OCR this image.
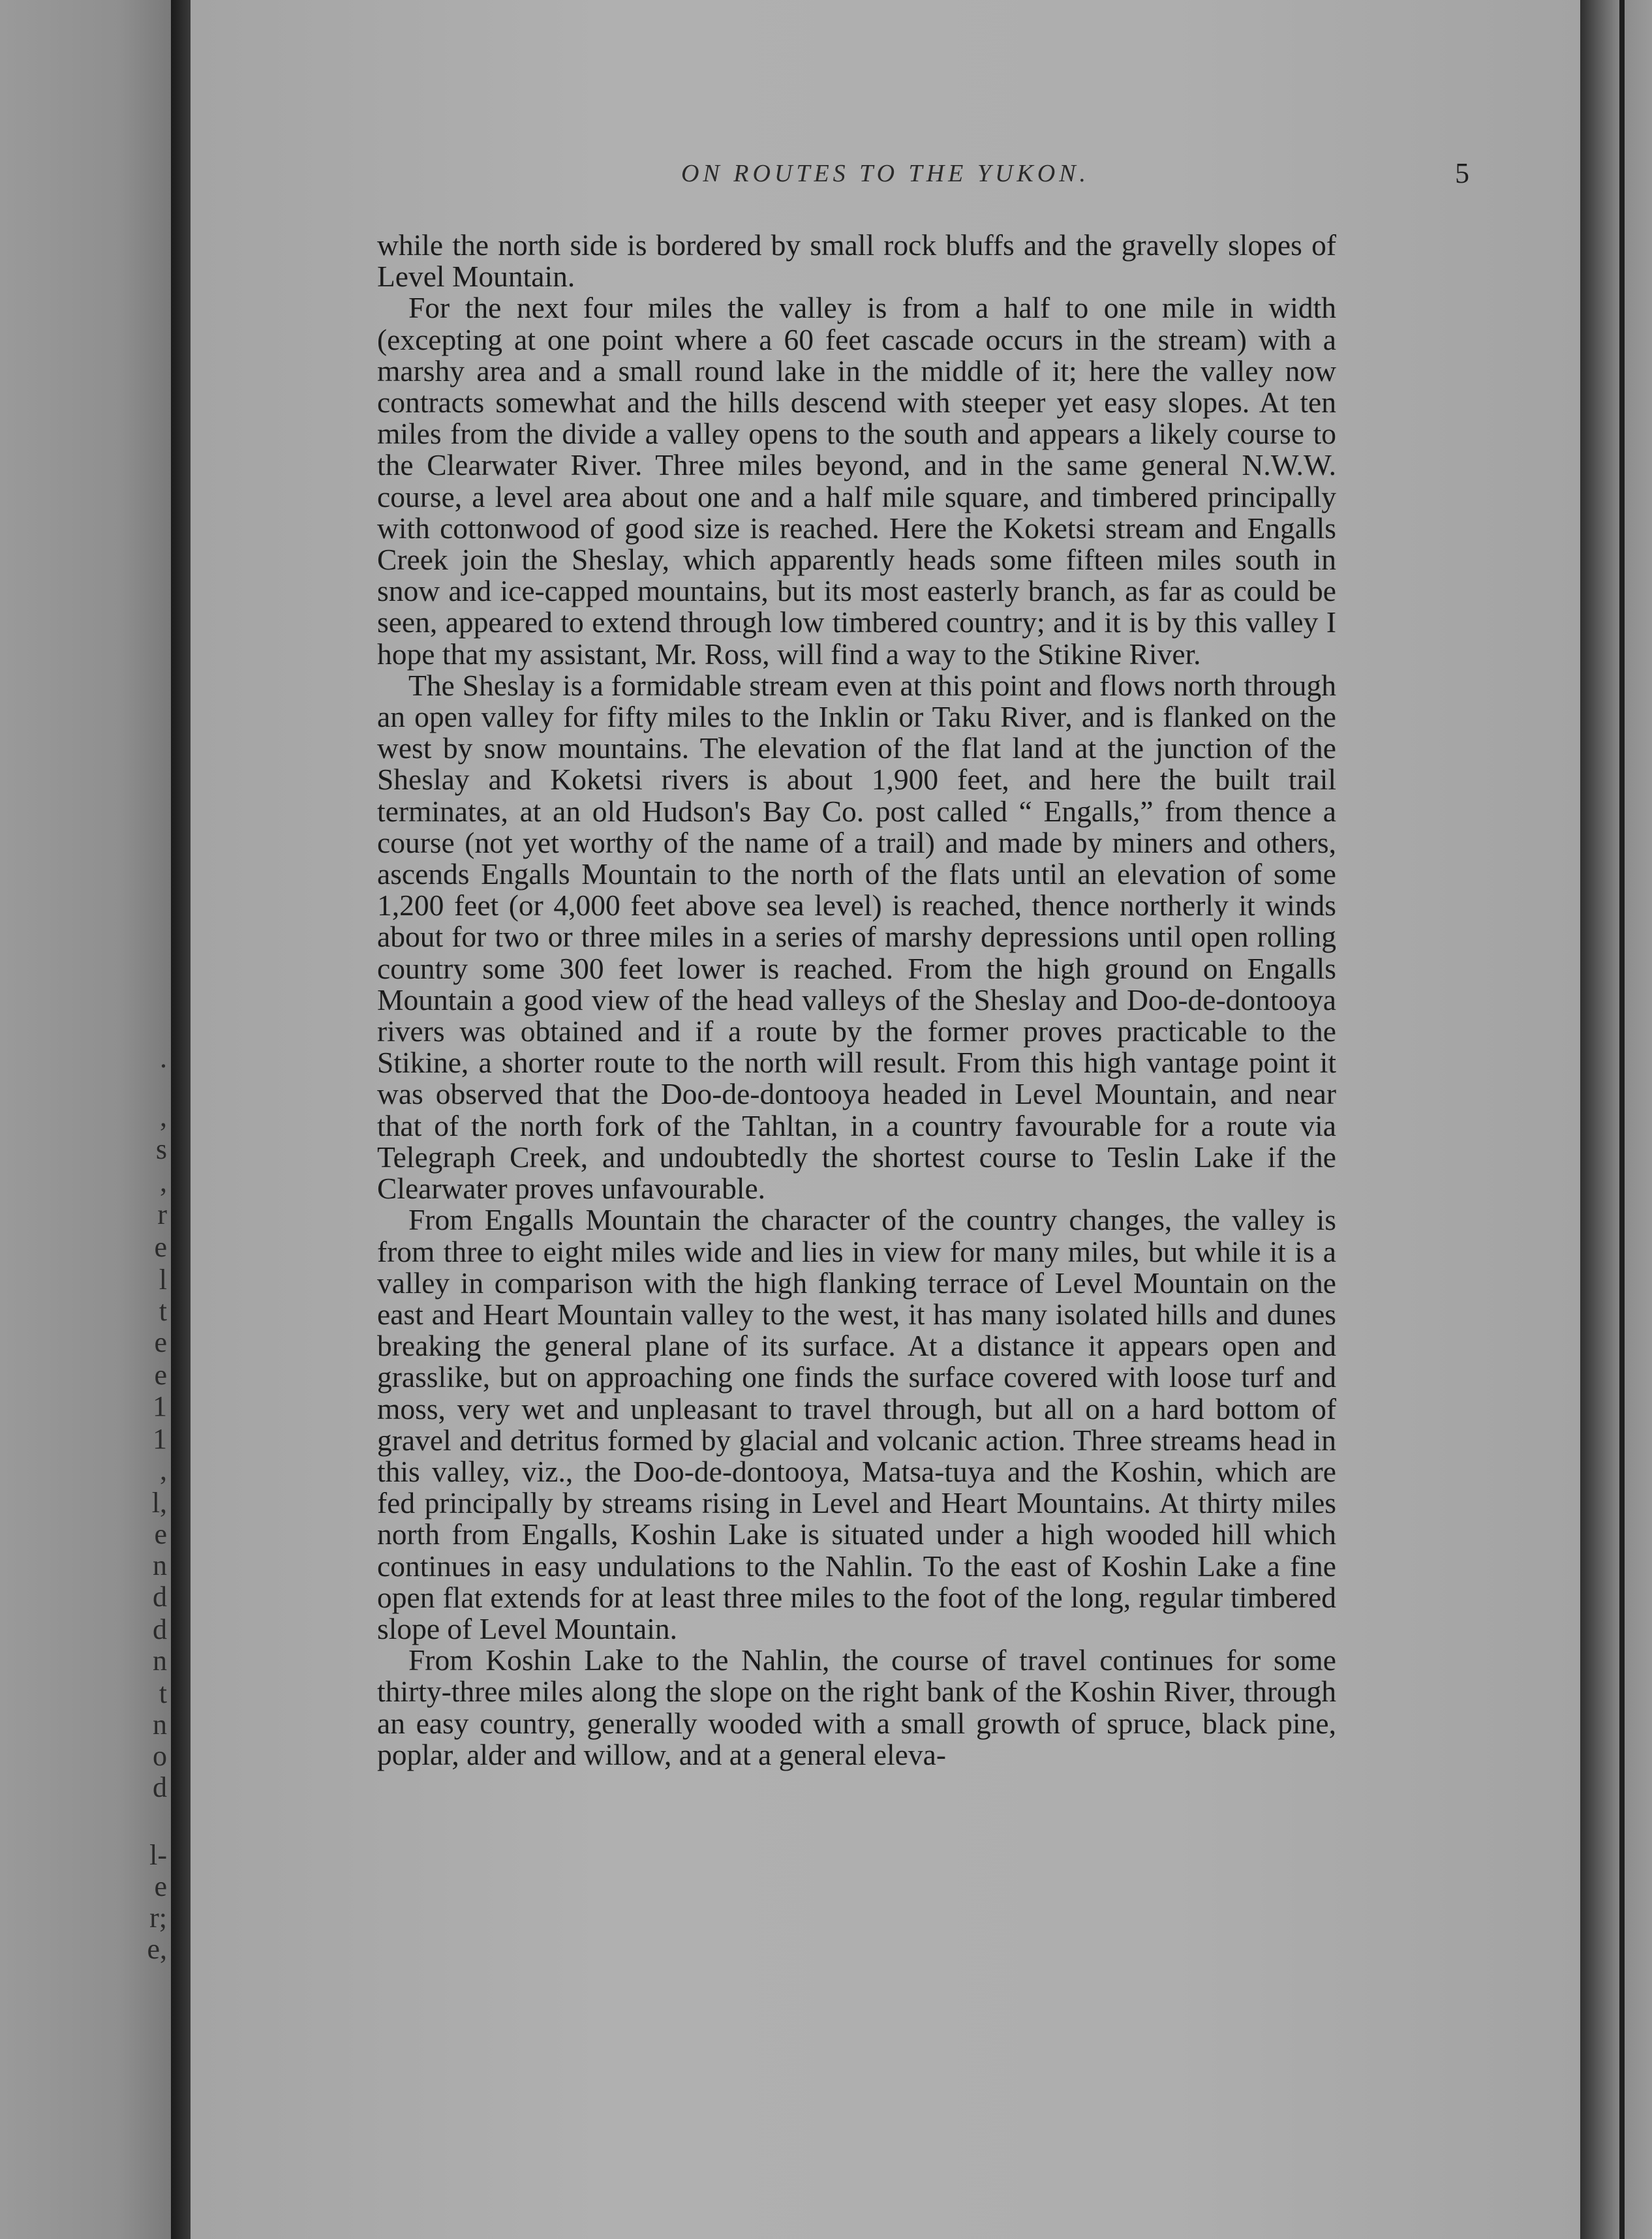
.
,
s
,
r
e
l
t
e
e
1
1
,
l,
e
n
d
d
n
t
n
o
d
l-
e
r;
e,
ON ROUTES TO THE YUKON.	5

while the north side is bordered by small rock bluffs and the gravelly slopes of Level Mountain.

For the next four miles the valley is from a half to one mile in width (excepting at one point where a 60 feet cascade occurs in the stream) with a marshy area and a small round lake in the middle of it; here the valley now contracts somewhat and the hills descend with steeper yet easy slopes. At ten miles from the divide a valley opens to the south and appears a likely course to the Clearwater River. Three miles beyond, and in the same general N.W.W. course, a level area about one and a half mile square, and timbered principally with cottonwood of good size is reached. Here the Koketsi stream and Engalls Creek join the Sheslay, which apparently heads some fifteen miles south in snow and ice-capped mountains, but its most easterly branch, as far as could be seen, appeared to extend through low timbered country; and it is by this valley I hope that my assistant, Mr. Ross, will find a way to the Stikine River.

The Sheslay is a formidable stream even at this point and flows north through an open valley for fifty miles to the Inklin or Taku River, and is flanked on the west by snow mountains. The elevation of the flat land at the junction of the Sheslay and Koketsi rivers is about 1,900 feet, and here the built trail terminates, at an old Hudson's Bay Co. post called “ Engalls,” from thence a course (not yet worthy of the name of a trail) and made by miners and others, ascends Engalls Mountain to the north of the flats until an elevation of some 1,200 feet (or 4,000 feet above sea level) is reached, thence northerly it winds about for two or three miles in a series of marshy depressions until open rolling country some 300 feet lower is reached. From the high ground on Engalls Mountain a good view of the head valleys of the Sheslay and Doo-de-dontooya rivers was obtained and if a route by the former proves practicable to the Stikine, a shorter route to the north will result. From this high vantage point it was observed that the Doo-de-dontooya headed in Level Mountain, and near that of the north fork of the Tahltan, in a country favourable for a route via Telegraph Creek, and undoubtedly the shortest course to Teslin Lake if the Clearwater proves unfavourable.

From Engalls Mountain the character of the country changes, the valley is from three to eight miles wide and lies in view for many miles, but while it is a valley in comparison with the high flanking terrace of Level Mountain on the east and Heart Mountain valley to the west, it has many isolated hills and dunes breaking the general plane of its surface. At a distance it appears open and grasslike, but on approaching one finds the surface covered with loose turf and moss, very wet and unpleasant to travel through, but all on a hard bottom of gravel and detritus formed by glacial and volcanic action. Three streams head in this valley, viz., the Doo-de-dontooya, Matsa-tuya and the Koshin, which are fed principally by streams rising in Level and Heart Mountains. At thirty miles north from Engalls, Koshin Lake is situated under a high wooded hill which continues in easy undulations to the Nahlin. To the east of Koshin Lake a fine open flat extends for at least three miles to the foot of the long, regular timbered slope of Level Mountain.

From Koshin Lake to the Nahlin, the course of travel continues for some thirty-three miles along the slope on the right bank of the Koshin River, through an easy country, generally wooded with a small growth of spruce, black pine, poplar, alder and willow, and at a general eleva-
